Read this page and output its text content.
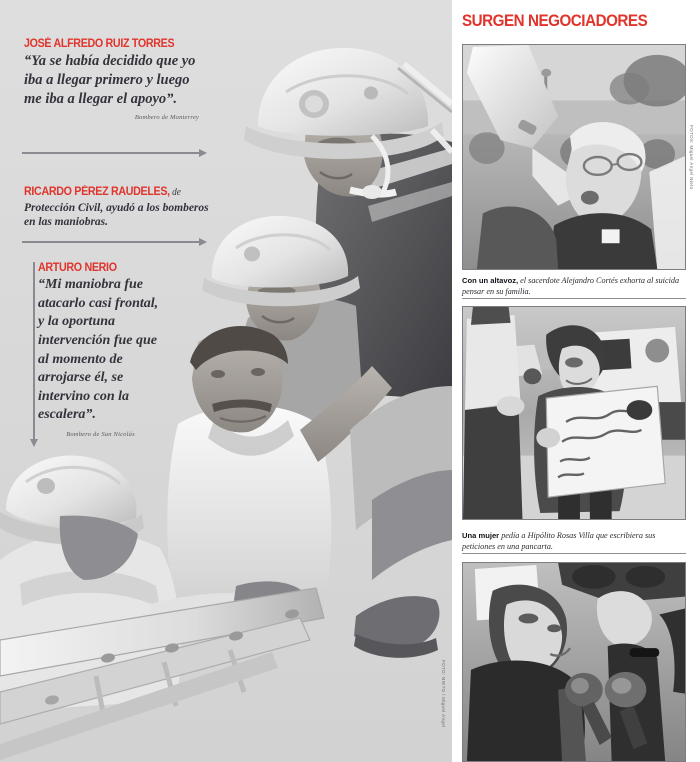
JOSÉ ALFREDO RUIZ TORRES
“Ya se había decidido que yo iba a llegar primero y luego me iba a llegar el apoyo”.
Bombero de Monterrey
RICARDO PÉREZ RAUDELES, de
Protección Civil, ayudó a los bomberos en las maniobras.
ARTURO NERIO
“Mi maniobra fue atacarlo casi frontal, y la oportuna intervención fue que al momento de arrojarse él, se intervino con la escalera”.
Bombero de San Nicolás
FOTO: NIETO / Miguel Ángel
SURGEN NEGOCIADORES
Con un altavoz, el sacerdote Alejandro Cortés exhorta al suicida pensar en su familia.
Una mujer pedía a Hipólito Rosas Villa que escribiera sus peticiones en una pancarta.
FOTOS: Miguel Ángel Nieto
